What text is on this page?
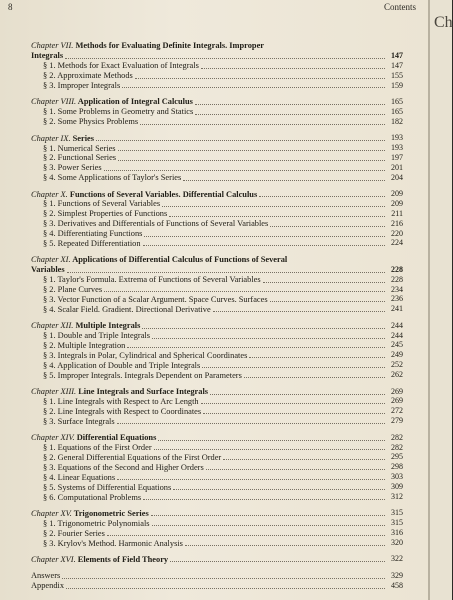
8	Contents
Chapter VII. Methods for Evaluating Definite Integrals. Improper
Integrals	147
§ 1. Methods for Exact Evaluation of Integrals	147
§ 2. Approximate Methods	155
§ 3. Improper Integrals	159
Chapter VIII. Application of Integral Calculus	165
§ 1. Some Problems in Geometry and Statics	165
§ 2. Some Physics Problems	182
Chapter IX. Series	193
§ 1. Numerical Series	193
§ 2. Functional Series	197
§ 3. Power Series	201
§ 4. Some Applications of Taylor's Series	204
Chapter X. Functions of Several Variables. Differential Calculus	209
§ 1. Functions of Several Variables	209
§ 2. Simplest Properties of Functions	211
§ 3. Derivatives and Differentials of Functions of Several Variables	216
§ 4. Differentiating Functions	220
§ 5. Repeated Differentiation	224
Chapter XI. Applications of Differential Calculus of Functions of Several
Variables	228
§ 1. Taylor's Formula. Extrema of Functions of Several Variables	228
§ 2. Plane Curves	234
§ 3. Vector Function of a Scalar Argument. Space Curves. Surfaces	236
§ 4. Scalar Field. Gradient. Directional Derivative	241
Chapter XII. Multiple Integrals	244
§ 1. Double and Triple Integrals	244
§ 2. Multiple Integration	245
§ 3. Integrals in Polar, Cylindrical and Spherical Coordinates	249
§ 4. Application of Double and Triple Integrals	252
§ 5. Improper Integrals. Integrals Dependent on Parameters	262
Chapter XIII. Line Integrals and Surface Integrals	269
§ 1. Line Integrals with Respect to Arc Length	269
§ 2. Line Integrals with Respect to Coordinates	272
§ 3. Surface Integrals	279
Chapter XIV. Differential Equations	282
§ 1. Equations of the First Order	282
§ 2. General Differential Equations of the First Order	295
§ 3. Equations of the Second and Higher Orders	298
§ 4. Linear Equations	303
§ 5. Systems of Differential Equations	309
§ 6. Computational Problems	312
Chapter XV. Trigonometric Series	315
§ 1. Trigonometric Polynomials	315
§ 2. Fourier Series	316
§ 3. Krylov's Method. Harmonic Analysis	320
Chapter XVI. Elements of Field Theory	322
Answers	329
Appendix	458
Ch
